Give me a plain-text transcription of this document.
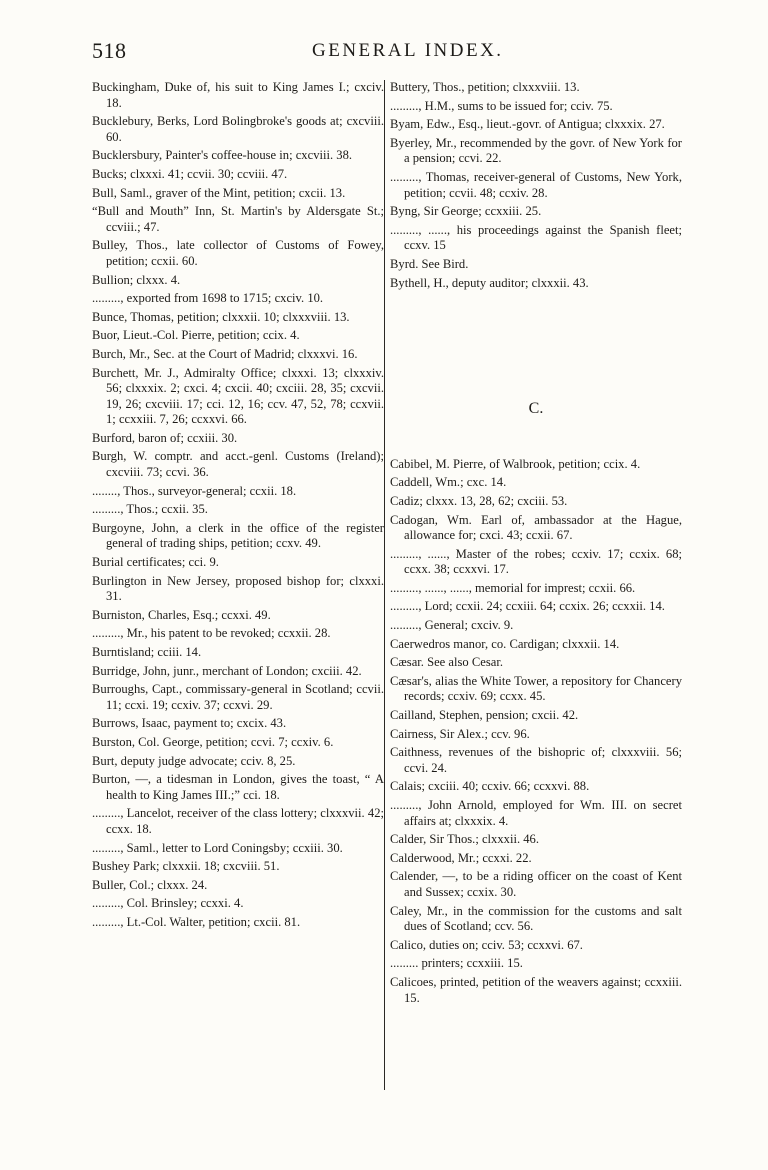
518	GENERAL INDEX.

Buckingham, Duke of, his suit to King James I.; cxciv. 18.

Bucklebury, Berks, Lord Bolingbroke's goods at; cxcviii. 60.

Bucklersbury, Painter's coffee-house in; cxcviii. 38.

Bucks; clxxxi. 41; ccvii. 30; ccviii. 47.

Bull, Saml., graver of the Mint, petition; cxcii. 13.

“Bull and Mouth” Inn, St. Martin's by Aldersgate St.; ccviii.; 47.

Bulley, Thos., late collector of Customs of Fowey, petition; ccxii. 60.

Bullion; clxxx. 4.

........., exported from 1698 to 1715; cxciv. 10.

Bunce, Thomas, petition; clxxxii. 10; clxxxviii. 13.

Buor, Lieut.-Col. Pierre, petition; ccix. 4.

Burch, Mr., Sec. at the Court of Madrid; clxxxvi. 16.

Burchett, Mr. J., Admiralty Office; clxxxi. 13; clxxxiv. 56; clxxxix. 2; cxci. 4; cxcii. 40; cxciii. 28, 35; cxcvii. 19, 26; cxcviii. 17; cci. 12, 16; ccv. 47, 52, 78; ccxvii. 1; ccxxiii. 7, 26; ccxxvi. 66.

Burford, baron of; ccxiii. 30.

Burgh, W. comptr. and acct.-genl. Customs (Ireland); cxcviii. 73; ccvi. 36.

........, Thos., surveyor-general; ccxii. 18.

........., Thos.; ccxii. 35.

Burgoyne, John, a clerk in the office of the register general of trading ships, petition; ccxv. 49.

Burial certificates; cci. 9.

Burlington in New Jersey, proposed bishop for; clxxxi. 31.

Burniston, Charles, Esq.; ccxxi. 49.

........., Mr., his patent to be revoked; ccxxii. 28.

Burntisland; cciii. 14.

Burridge, John, junr., merchant of London; cxciii. 42.

Burroughs, Capt., commissary-general in Scotland; ccvii. 11; ccxi. 19; ccxiv. 37; ccxvi. 29.

Burrows, Isaac, payment to; cxcix. 43.

Burston, Col. George, petition; ccvi. 7; ccxiv. 6.

Burt, deputy judge advocate; cciv. 8, 25.

Burton, —, a tidesman in London, gives the toast, “ A health to King James III.;” cci. 18.

........., Lancelot, receiver of the class lottery; clxxxvii. 42; ccxx. 18.

........., Saml., letter to Lord Coningsby; ccxiii. 30.

Bushey Park; clxxxii. 18; cxcviii. 51.

Buller, Col.; clxxx. 24.

........., Col. Brinsley; ccxxi. 4.

........., Lt.-Col. Walter, petition; cxcii. 81.

Buttery, Thos., petition; clxxxviii. 13.

........., H.M., sums to be issued for; cciv. 75.

Byam, Edw., Esq., lieut.-govr. of Antigua; clxxxix. 27.

Byerley, Mr., recommended by the govr. of New York for a pension; ccvi. 22.

........., Thomas, receiver-general of Customs, New York, petition; ccvii. 48; ccxiv. 28.

Byng, Sir George; ccxxiii. 25.

........., ......, his proceedings against the Spanish fleet; ccxv. 15

Byrd. See Bird.

Bythell, H., deputy auditor; clxxxii. 43.

C.

Cabibel, M. Pierre, of Walbrook, petition; ccix. 4.

Caddell, Wm.; cxc. 14.

Cadiz; clxxx. 13, 28, 62; cxciii. 53.

Cadogan, Wm. Earl of, ambassador at the Hague, allowance for; cxci. 43; ccxii. 67.

........., ......, Master of the robes; ccxiv. 17; ccxix. 68; ccxx. 38; ccxxvi. 17.

........., ......, ......, memorial for imprest; ccxii. 66.

........., Lord; ccxii. 24; ccxiii. 64; ccxix. 26; ccxxii. 14.

........., General; cxciv. 9.

Caerwedros manor, co. Cardigan; clxxxii. 14.

Cæsar. See also Cesar.

Cæsar's, alias the White Tower, a repository for Chancery records; ccxiv. 69; ccxx. 45.

Cailland, Stephen, pension; cxcii. 42.

Cairness, Sir Alex.; ccv. 96.

Caithness, revenues of the bishopric of; clxxxviii. 56; ccvi. 24.

Calais; cxciii. 40; ccxiv. 66; ccxxvi. 88.

........., John Arnold, employed for Wm. III. on secret affairs at; clxxxix. 4.

Calder, Sir Thos.; clxxxii. 46.

Calderwood, Mr.; ccxxi. 22.

Calender, —, to be a riding officer on the coast of Kent and Sussex; ccxix. 30.

Caley, Mr., in the commission for the customs and salt dues of Scotland; ccv. 56.

Calico, duties on; cciv. 53; ccxxvi. 67.

......... printers; ccxxiii. 15.

Calicoes, printed, petition of the weavers against; ccxxiii. 15.
